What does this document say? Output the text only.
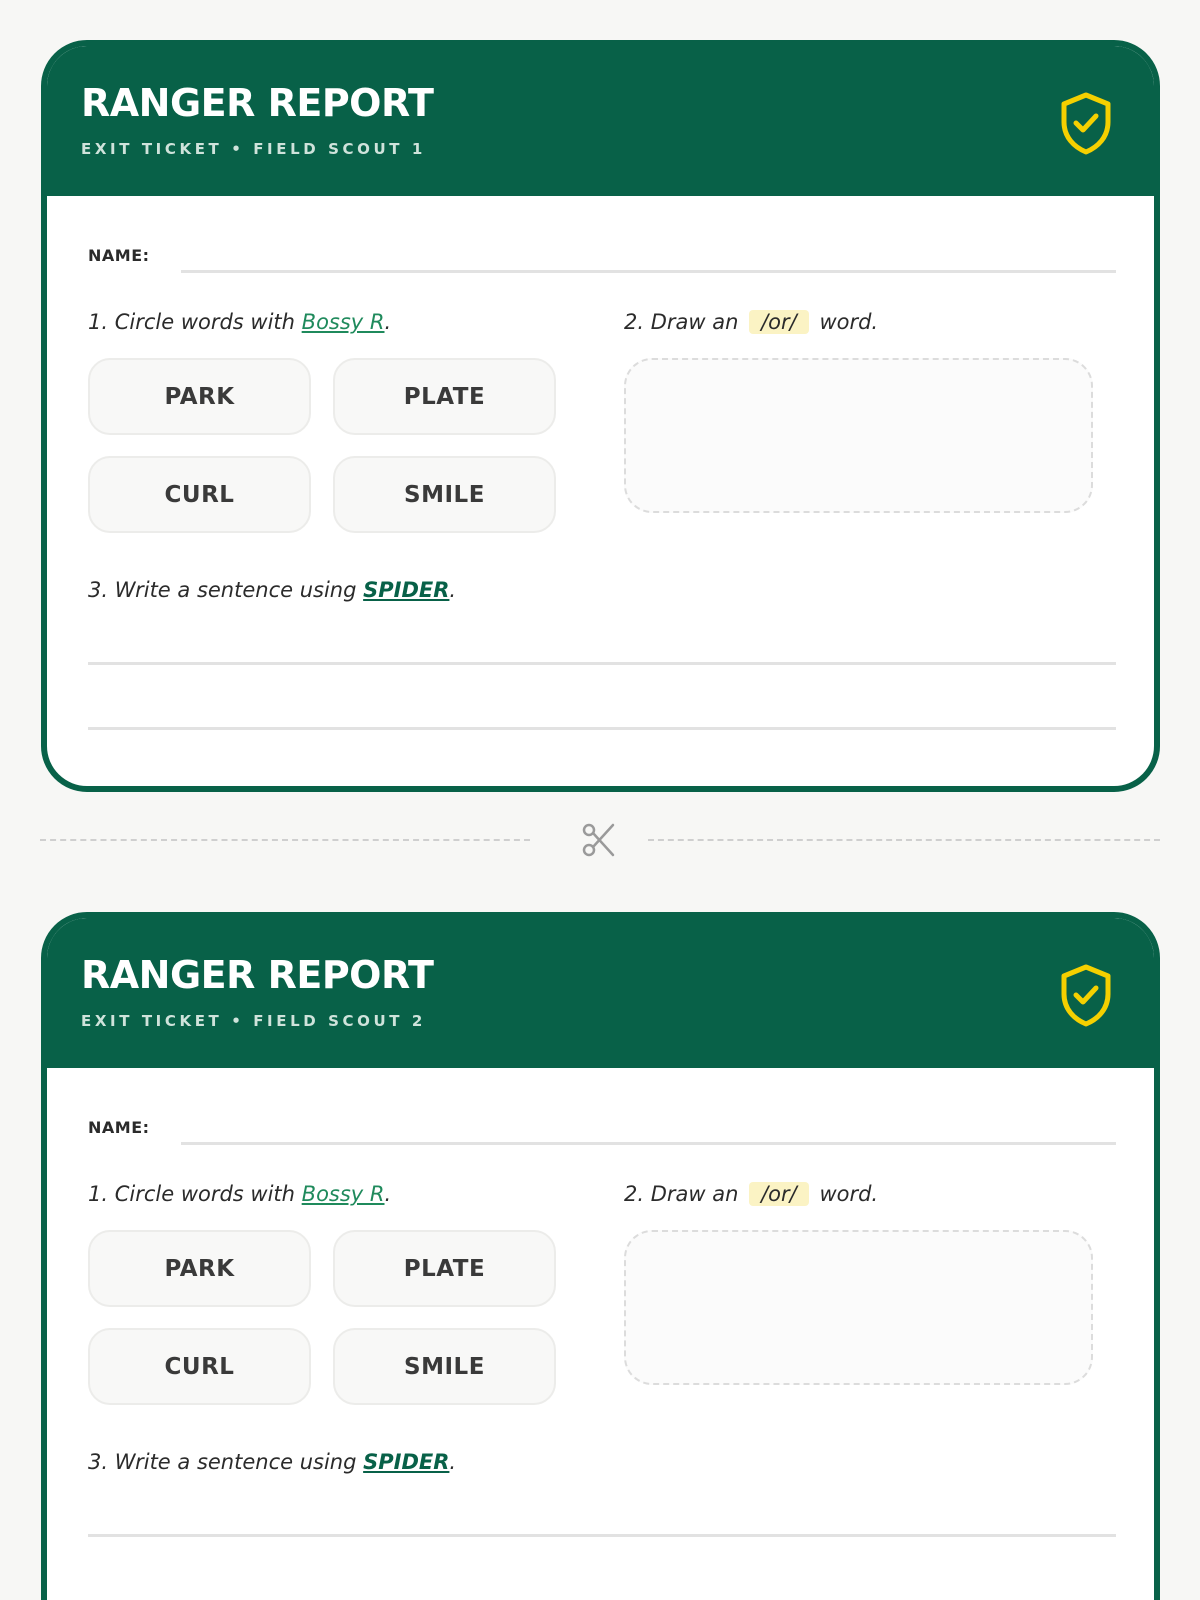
RANGER REPORT
EXIT TICKET • FIELD SCOUT 1
NAME:
1. Circle words with Bossy R.
PARK	PLATE
CURL	SMILE
2. Draw an /or/ word.
3. Write a sentence using SPIDER.
RANGER REPORT
EXIT TICKET • FIELD SCOUT 2
NAME:
1. Circle words with Bossy R.
PARK	PLATE
CURL	SMILE
2. Draw an /or/ word.
3. Write a sentence using SPIDER.
